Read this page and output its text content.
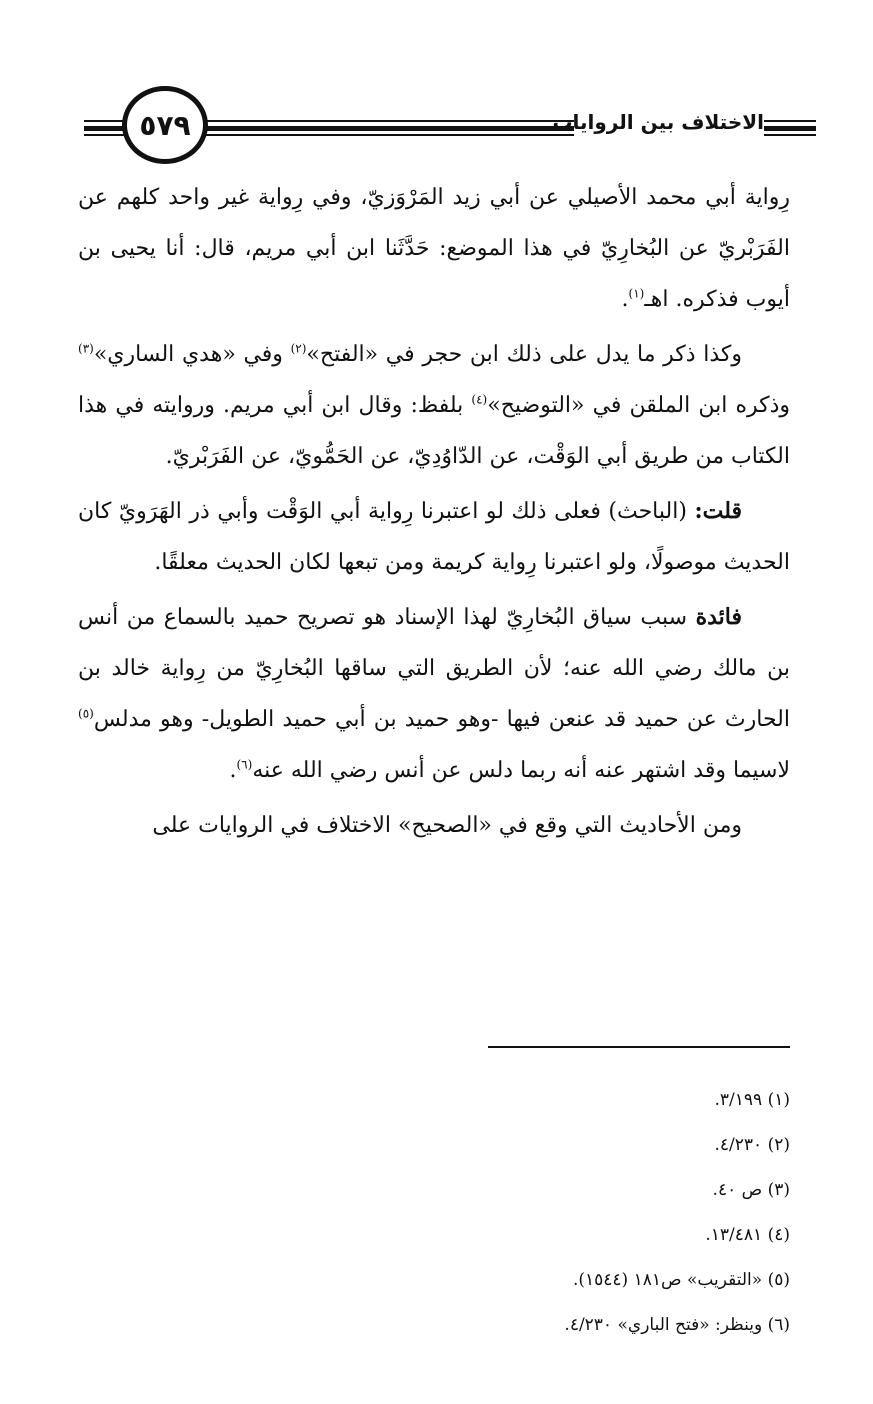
الاختلاف بين الروايات
٥٧٩

رِواية أبي محمد الأصيلي عن أبي زيد المَرْوَزيّ، وفي رِواية غير واحد كلهم عن الفَرَبْريّ عن البُخارِيّ في هذا الموضع: حَدَّثَنا ابن أبي مريم، قال: أنا يحيى بن أيوب فذكره. اهـ$^{(١)}$.

وكذا ذكر ما يدل على ذلك ابن حجر في «الفتح»$^{(٢)}$ وفي «هدي الساري»$^{(٣)}$ وذكره ابن الملقن في «التوضيح»$^{(٤)}$ بلفظ: وقال ابن أبي مريم. وروايته في هذا الكتاب من طريق أبي الوَقْت، عن الدّاوُدِيّ، عن الحَمُّويّ، عن الفَرَبْريّ.

قلت: (الباحث) فعلى ذلك لو اعتبرنا رِواية أبي الوَقْت وأبي ذر الهَرَويّ كان الحديث موصولًا، ولو اعتبرنا رِواية كريمة ومن تبعها لكان الحديث معلقًا.

فائدة سبب سياق البُخارِيّ لهذا الإسناد هو تصريح حميد بالسماع من أنس بن مالك رضي الله عنه؛ لأن الطريق التي ساقها البُخارِيّ من رِواية خالد بن الحارث عن حميد قد عنعن فيها -وهو حميد بن أبي حميد الطويل- وهو مدلس$^{(٥)}$ لاسيما وقد اشتهر عنه أنه ربما دلس عن أنس رضي الله عنه$^{(٦)}$.

ومن الأحاديث التي وقع في «الصحيح» الاختلاف في الروايات على

(١) ٣/١٩٩.
(٢) ٤/٢٣٠.
(٣) ص ٤٠.
(٤) ١٣/٤٨١.
(٥) «التقريب» ص١٨١ (١٥٤٤).
(٦) وينظر: «فتح الباري» ٤/٢٣٠.
